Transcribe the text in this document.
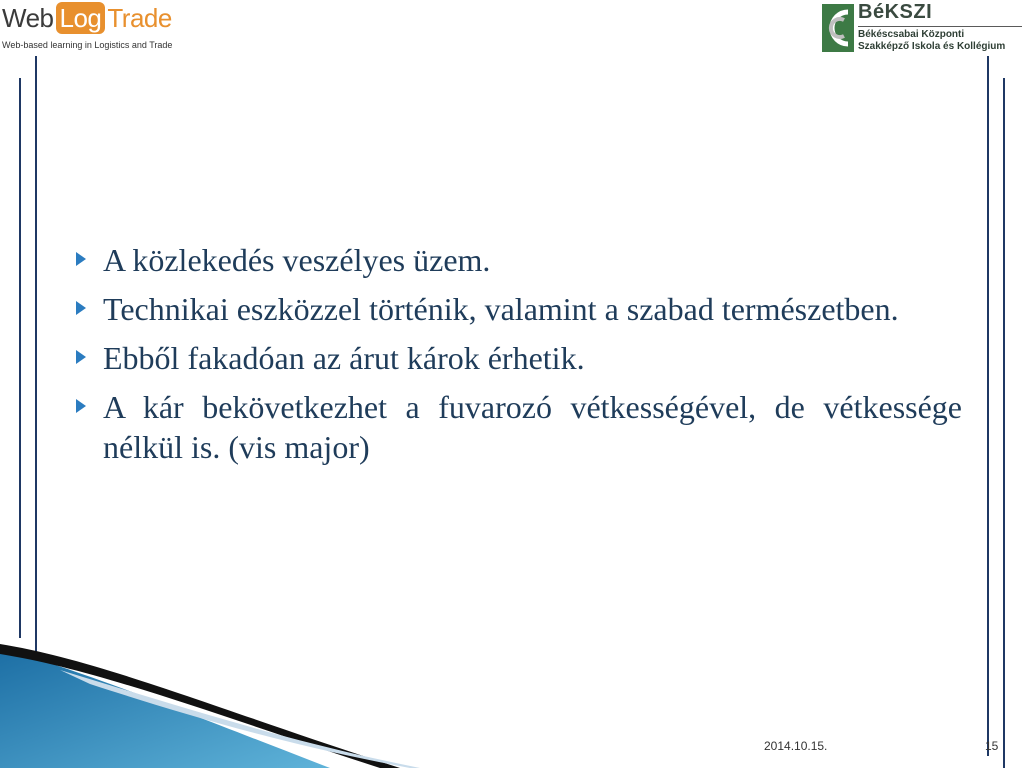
Web Log Trade
Web-based learning in Logistics and Trade
BéKSZI
Békéscsabai Központi
Szakképző Iskola és Kollégium
A közlekedés veszélyes üzem.
Technikai eszközzel történik, valamint a szabad természetben.
Ebből fakadóan az árut károk érhetik.
A kár bekövetkezhet a fuvarozó vétkességével, de vétkessége nélkül is. (vis major)
2014.10.15.	15
